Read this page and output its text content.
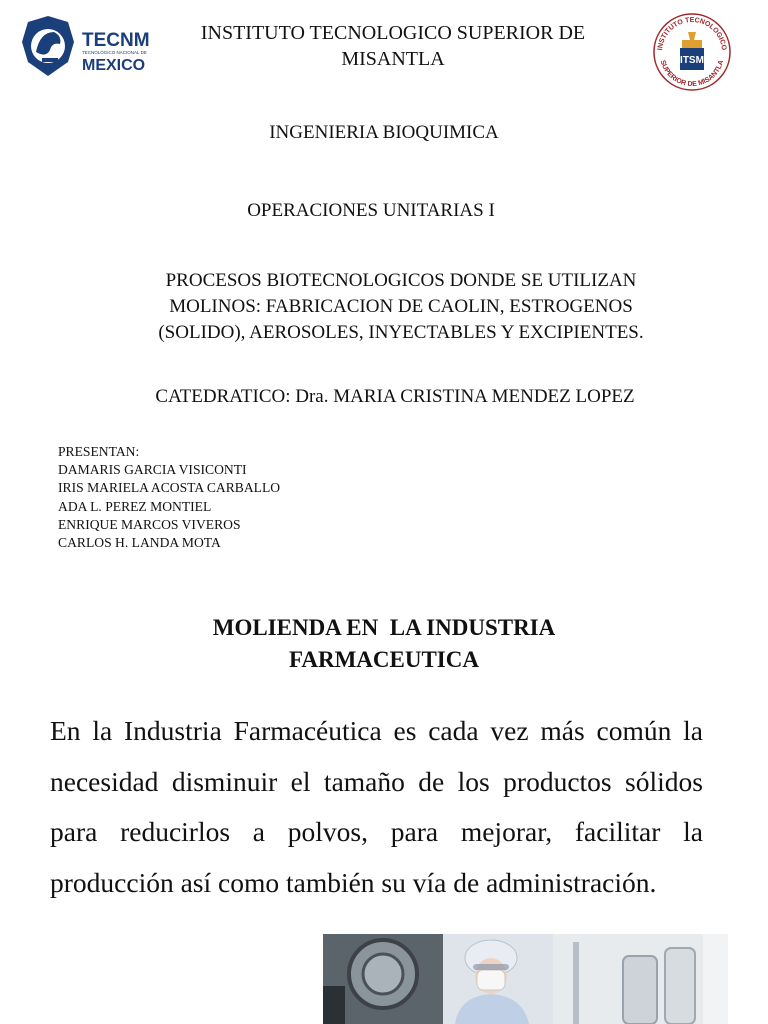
TECNM
TECNOLÓGICO NACIONAL DE
MEXICO
INSTITUTO TECNOLOGICO SUPERIOR DE
MISANTLA	INSTITUTO TECNOLOGICO
SUPERIOR DE MISANTLA
ITSM
INGENIERIA BIOQUIMICA
OPERACIONES UNITARIAS I
PROCESOS BIOTECNOLOGICOS DONDE SE UTILIZAN
MOLINOS: FABRICACION DE CAOLIN, ESTROGENOS
(SOLIDO), AEROSOLES, INYECTABLES Y EXCIPIENTES.
CATEDRATICO: Dra. MARIA CRISTINA MENDEZ LOPEZ
PRESENTAN:
DAMARIS GARCIA VISICONTI
IRIS MARIELA ACOSTA CARBALLO
ADA L. PEREZ MONTIEL
ENRIQUE MARCOS VIVEROS
CARLOS H. LANDA MOTA
MOLIENDA EN  LA INDUSTRIA
FARMACEUTICA

En la Industria Farmacéutica es cada vez más común la necesidad disminuir el tamaño de los productos sólidos para reducirlos a polvos, para mejorar, facilitar la producción así como también su vía de administración.
